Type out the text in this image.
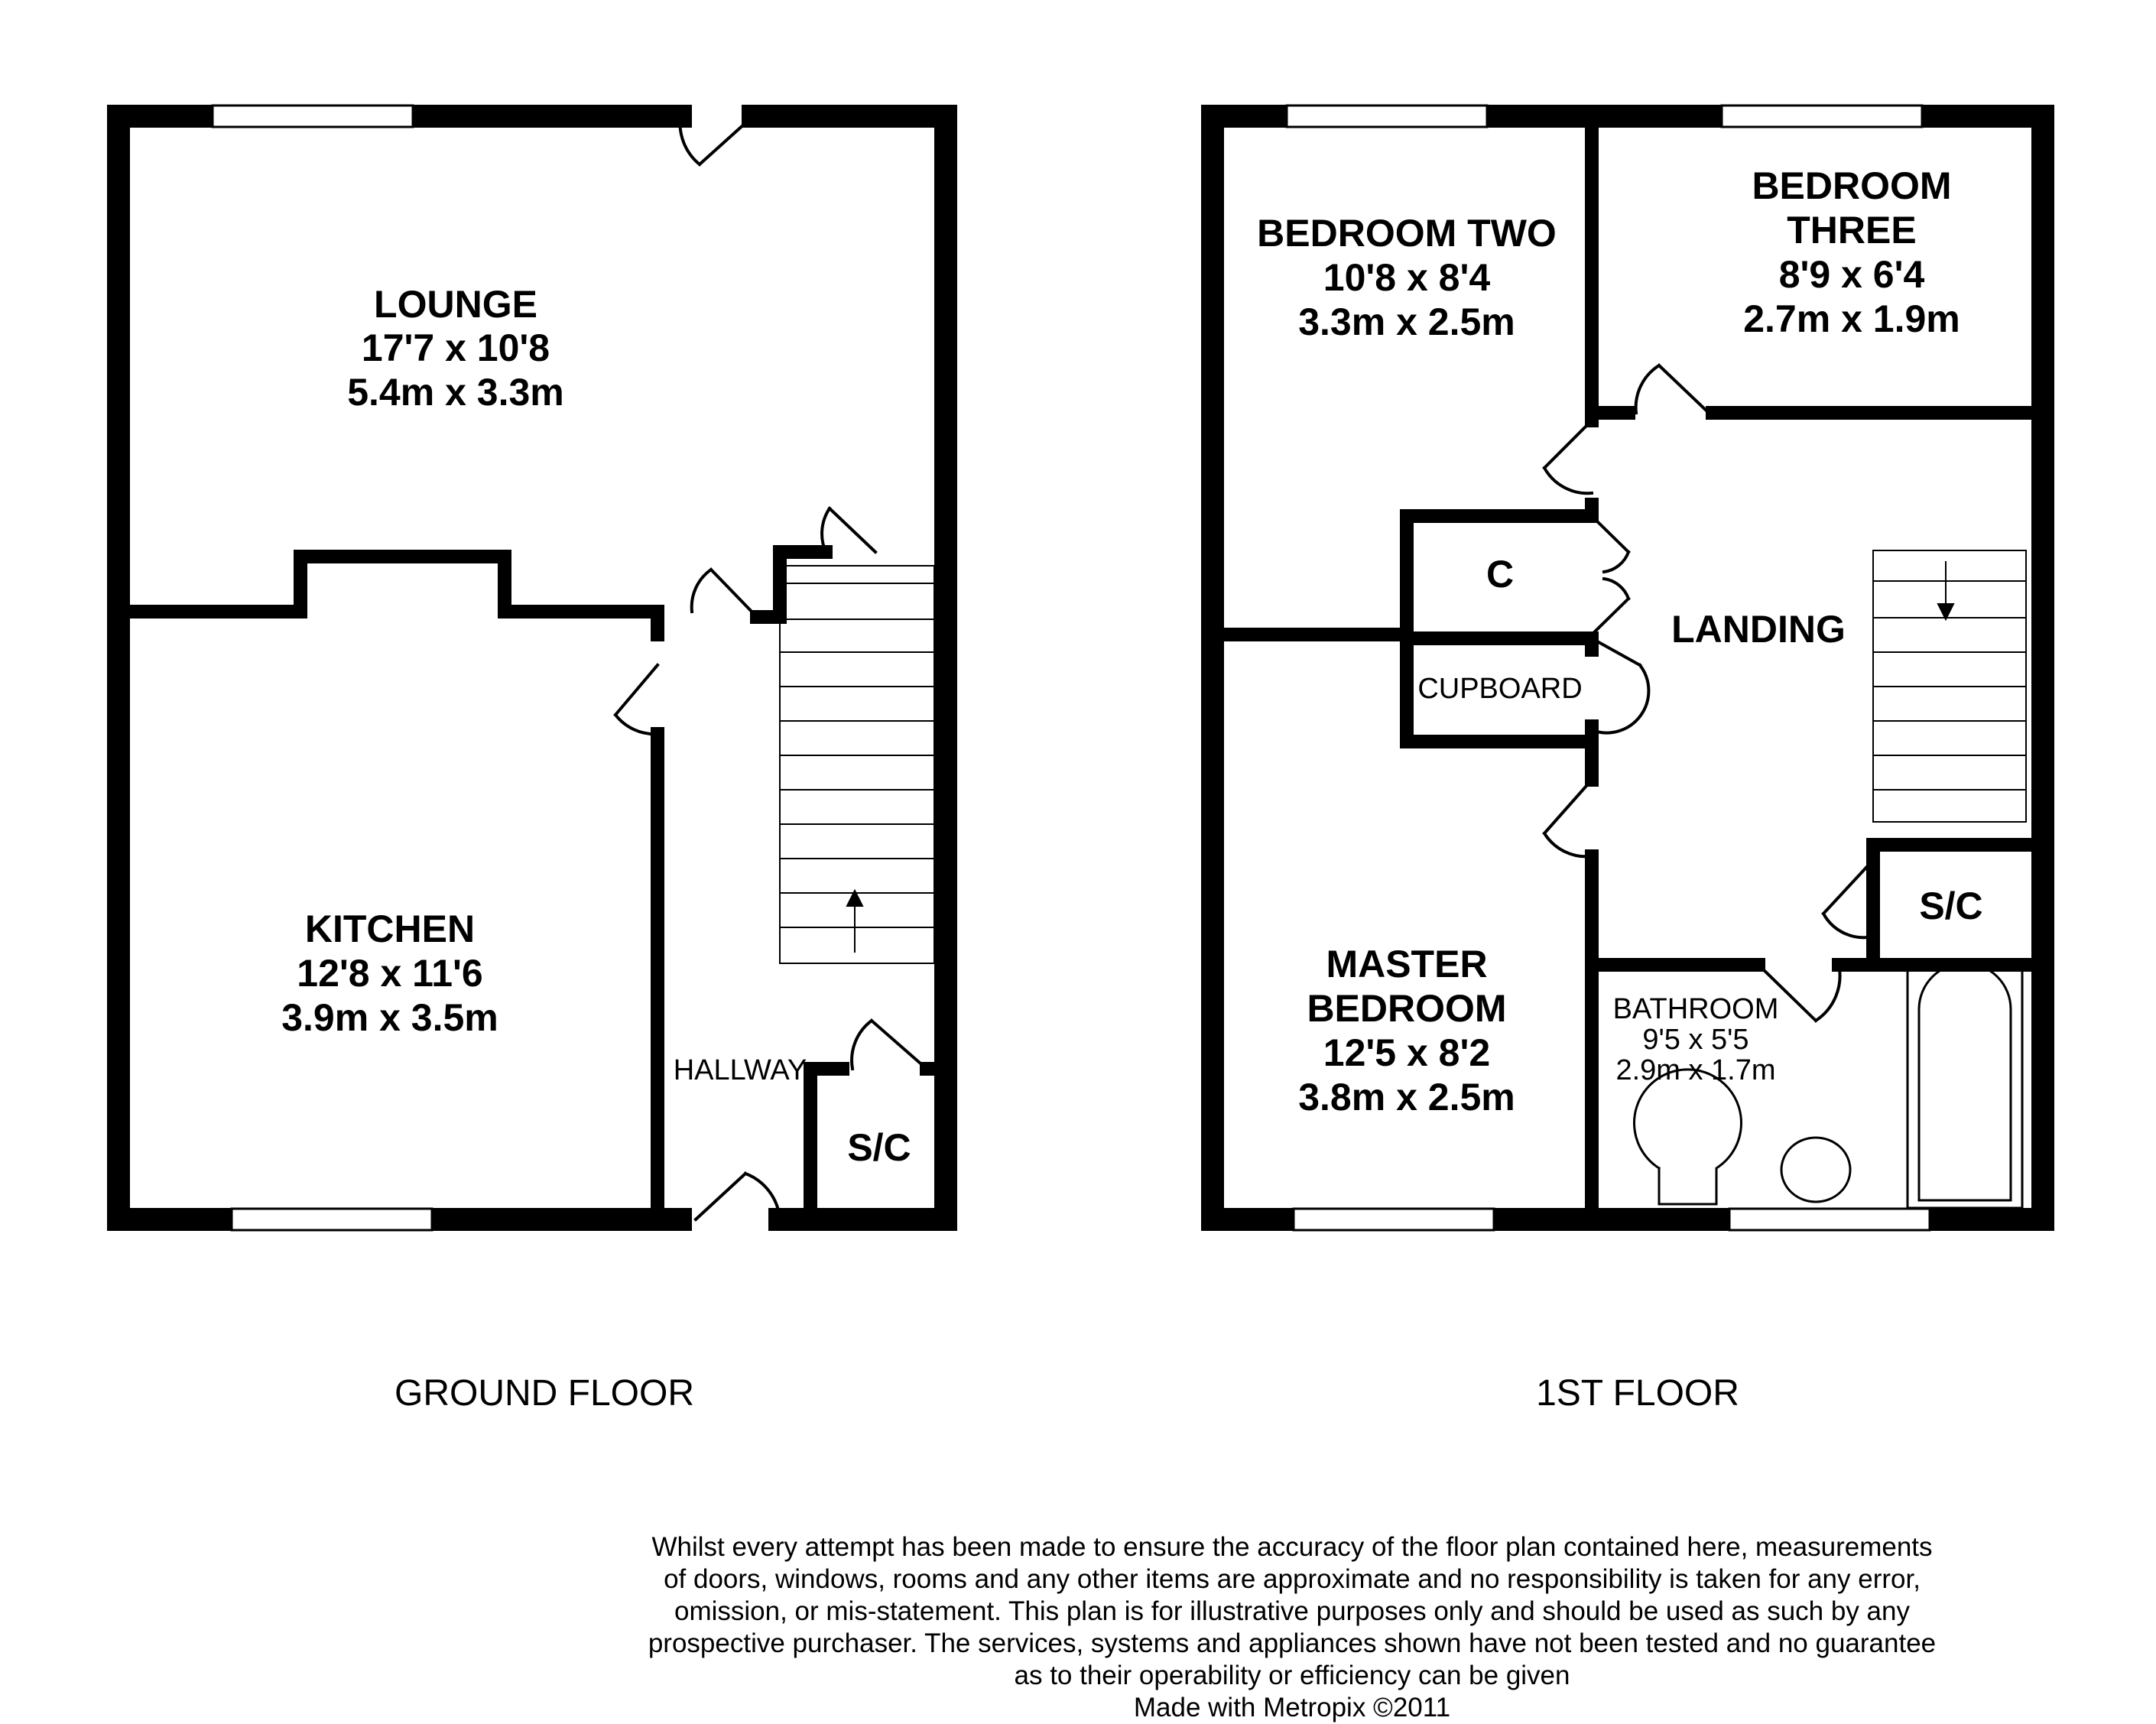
LOUNGE
17'7 x 10'8
5.4m x 3.3m
KITCHEN
12'8 x 11'6
3.9m x 3.5m
HALLWAY
S/C
BEDROOM TWO
10'8 x 8'4
3.3m x 2.5m
BEDROOM
THREE
8'9 x 6'4
2.7m x 1.9m
C
CUPBOARD
LANDING
S/C
BATHROOM
9'5 x 5'5
2.9m x 1.7m
MASTER
BEDROOM
12'5 x 8'2
3.8m x 2.5m
GROUND FLOOR	1ST FLOOR
Whilst every attempt has been made to ensure the accuracy of the floor plan contained here, measurements
of doors, windows, rooms and any other items are approximate and no responsibility is taken for any error,
omission, or mis-statement. This plan is for illustrative purposes only and should be used as such by any
prospective purchaser. The services, systems and appliances shown have not been tested and no guarantee
as to their operability or efficiency can be given
Made with Metropix ©2011
